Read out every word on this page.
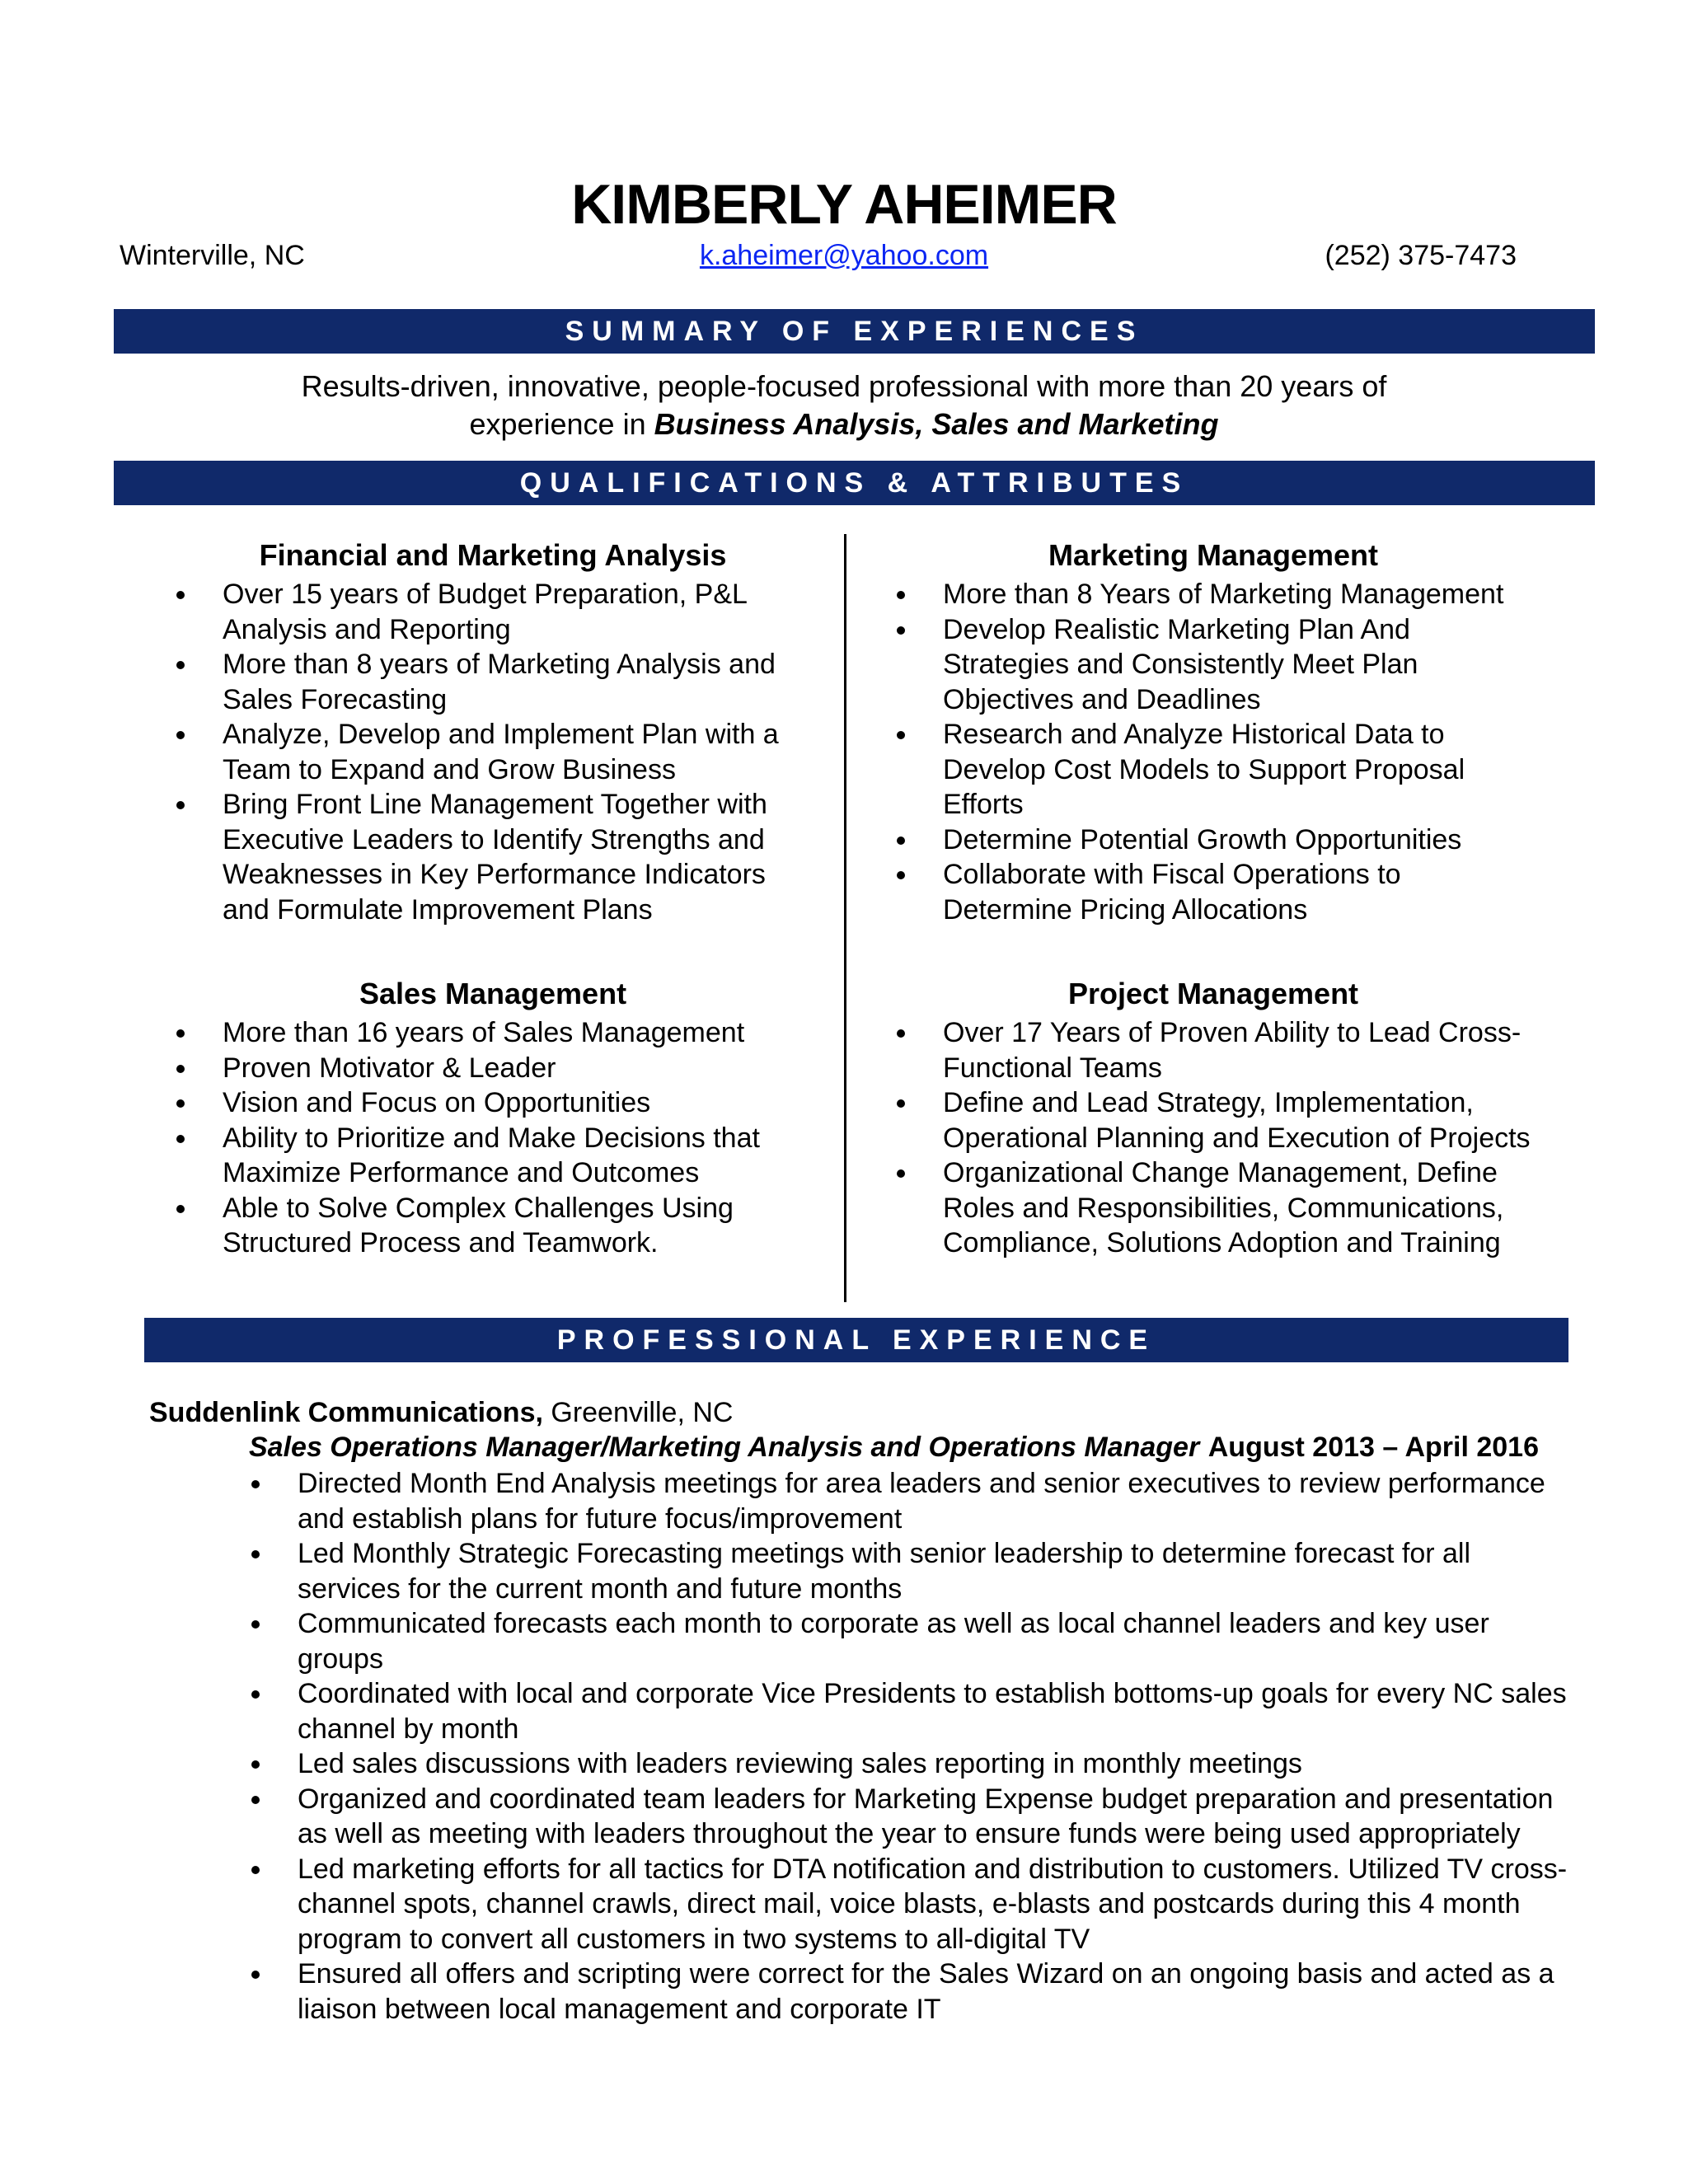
KIMBERLY AHEIMER
Winterville, NC	k.aheimer@yahoo.com	(252) 375-7473
SUMMARY OF EXPERIENCES
Results-driven, innovative, people-focused professional with more than 20 years of
experience in Business Analysis, Sales and Marketing
QUALIFICATIONS & ATTRIBUTES
Financial and Marketing Analysis
Over 15 years of Budget Preparation, P&L Analysis and Reporting
More than 8 years of Marketing Analysis and Sales Forecasting
Analyze, Develop and Implement Plan with a Team to Expand and Grow Business
Bring Front Line Management Together with Executive Leaders to Identify Strengths and Weaknesses in Key Performance Indicators and Formulate Improvement Plans
Marketing Management
More than 8 Years of Marketing Management
Develop Realistic Marketing Plan And Strategies and Consistently Meet Plan Objectives and Deadlines
Research and Analyze Historical Data to Develop Cost Models to Support Proposal Efforts
Determine Potential Growth Opportunities
Collaborate with Fiscal Operations to Determine Pricing Allocations
Sales Management
More than 16 years of Sales Management
Proven Motivator & Leader
Vision and Focus on Opportunities
Ability to Prioritize and Make Decisions that Maximize Performance and Outcomes
Able to Solve Complex Challenges Using Structured Process and Teamwork.
Project Management
Over 17 Years of Proven Ability to Lead Cross-Functional Teams
Define and Lead Strategy, Implementation, Operational Planning and Execution of Projects
Organizational Change Management, Define Roles and Responsibilities, Communications, Compliance, Solutions Adoption and Training
PROFESSIONAL EXPERIENCE
Suddenlink Communications, Greenville, NC
Sales Operations Manager/Marketing Analysis and Operations Manager August 2013 – April 2016
Directed Month End Analysis meetings for area leaders and senior executives to review performance and establish plans for future focus/improvement
Led Monthly Strategic Forecasting meetings with senior leadership to determine forecast for all services for the current month and future months
Communicated forecasts each month to corporate as well as local channel leaders and key user groups
Coordinated with local and corporate Vice Presidents to establish bottoms-up goals for every NC sales channel by month
Led sales discussions with leaders reviewing sales reporting in monthly meetings
Organized and coordinated team leaders for Marketing Expense budget preparation and presentation as well as meeting with leaders throughout the year to ensure funds were being used appropriately
Led marketing efforts for all tactics for DTA notification and distribution to customers. Utilized TV cross-channel spots, channel crawls, direct mail, voice blasts, e-blasts and postcards during this 4 month program to convert all customers in two systems to all-digital TV
Ensured all offers and scripting were correct for the Sales Wizard on an ongoing basis and acted as a liaison between local management and corporate IT
